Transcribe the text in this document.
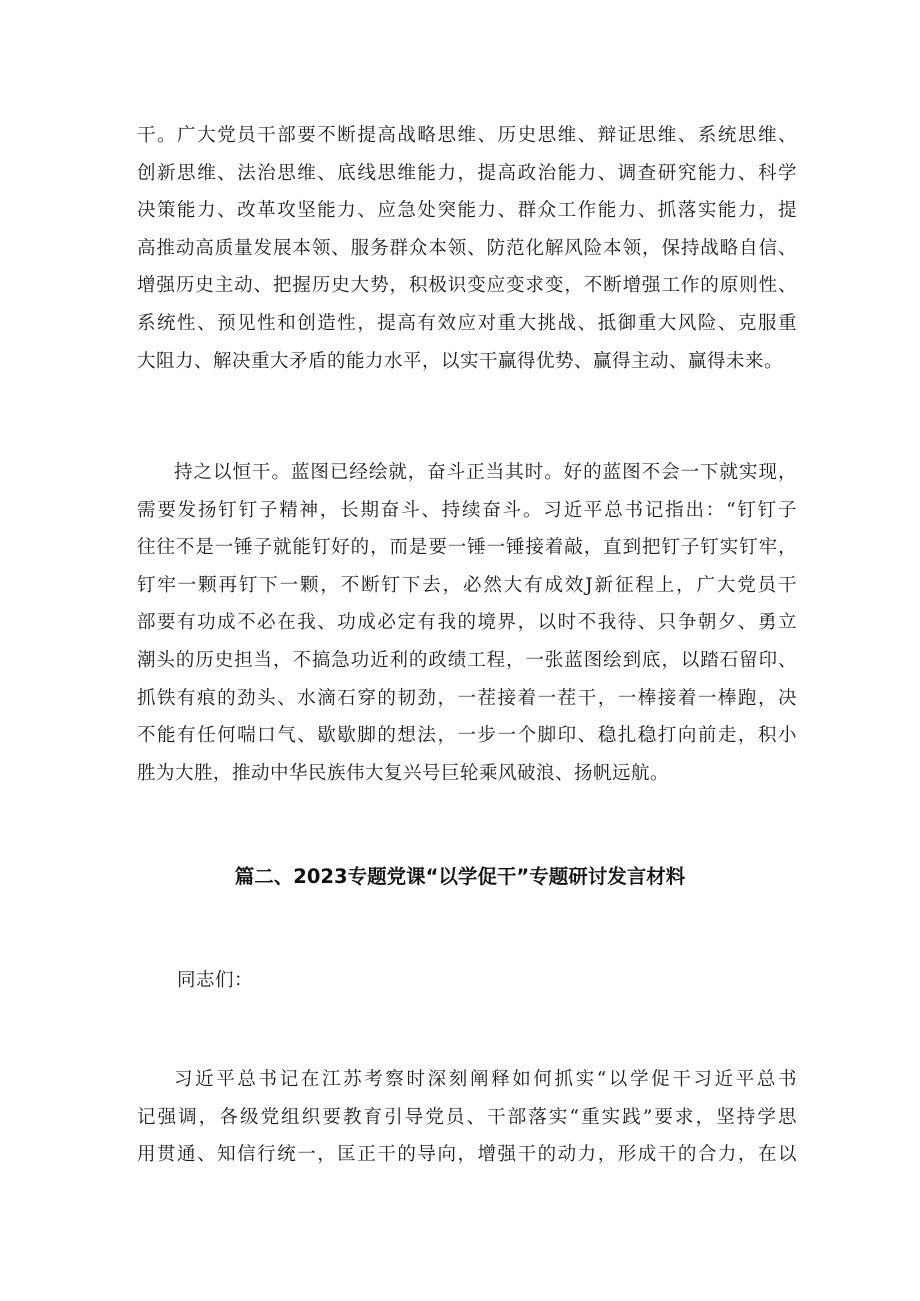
干。广大党员干部要不断提高战略思维、历史思维、辩证思维、系统思维、
创新思维、法治思维、底线思维能力，提高政治能力、调查研究能力、科学
决策能力、改革攻坚能力、应急处突能力、群众工作能力、抓落实能力，提
高推动高质量发展本领、服务群众本领、防范化解风险本领，保持战略自信、
增强历史主动、把握历史大势，积极识变应变求变，不断增强工作的原则性、
系统性、预见性和创造性，提高有效应对重大挑战、抵御重大风险、克服重
大阻力、解决重大矛盾的能力水平，以实干赢得优势、赢得主动、赢得未来。
持之以恒干。蓝图已经绘就，奋斗正当其时。好的蓝图不会一下就实现，
需要发扬钉钉子精神，长期奋斗、持续奋斗。习近平总书记指出：“钉钉子
往往不是一锤子就能钉好的，而是要一锤一锤接着敲，直到把钉子钉实钉牢，
钉牢一颗再钉下一颗，不断钉下去，必然大有成效J新征程上，广大党员干
部要有功成不必在我、功成必定有我的境界，以时不我待、只争朝夕、勇立
潮头的历史担当，不搞急功近利的政绩工程，一张蓝图绘到底，以踏石留印、
抓铁有痕的劲头、水滴石穿的韧劲，一茬接着一茬干，一棒接着一棒跑，决
不能有任何喘口气、歇歇脚的想法，一步一个脚印、稳扎稳打向前走，积小
胜为大胜，推动中华民族伟大复兴号巨轮乘风破浪、扬帆远航。
篇二、2023专题党课“以学促干”专题研讨发言材料

同志们：

习近平总书记在江苏考察时深刻阐释如何抓实“以学促干习近平总书
记强调，各级党组织要教育引导党员、干部落实“重实践”要求，坚持学思
用贯通、知信行统一，匡正干的导向，增强干的动力，形成干的合力，在以
